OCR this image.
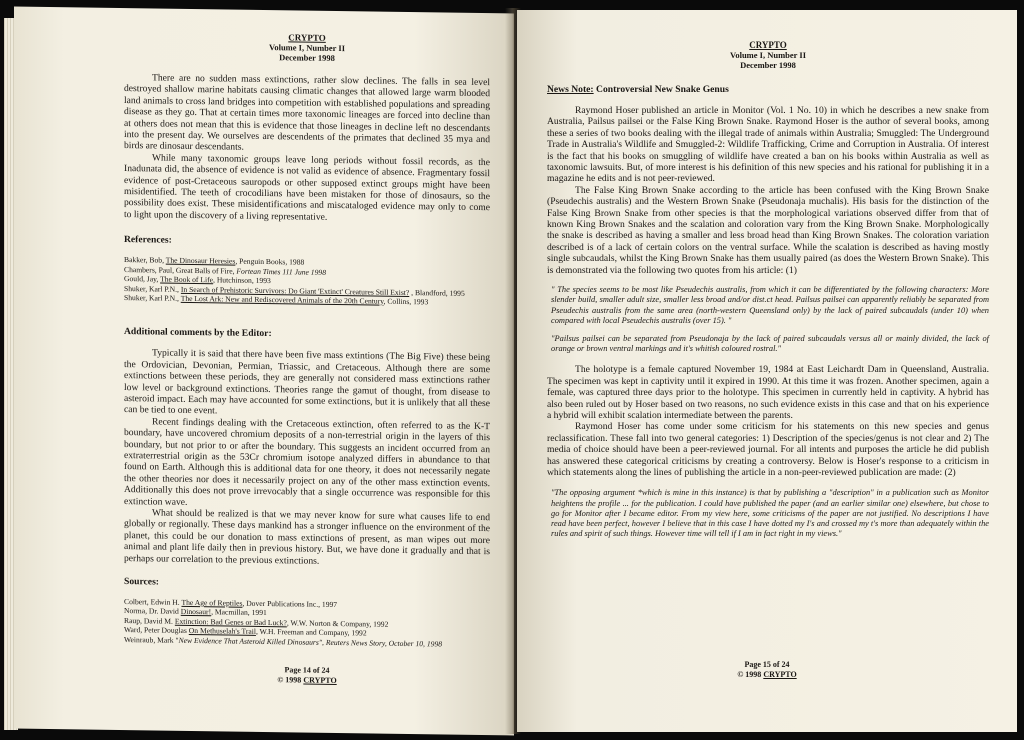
CRYPTO
Volume I, Number II
December 1998

There are no sudden mass extinctions, rather slow declines. The falls in sea level destroyed shallow marine habitats causing climatic changes that allowed large warm blooded land animals to cross land bridges into competition with established populations and spreading disease as they go. That at certain times more taxonomic lineages are forced into decline than at others does not mean that this is evidence that those lineages in decline left no descendants into the present day. We ourselves are descendents of the primates that declined 35 mya and birds are dinosaur descendants.

While many taxonomic groups leave long periods without fossil records, as the Inadunata did, the absence of evidence is not valid as evidence of absence. Fragmentary fossil evidence of post-Cretaceous sauropods or other supposed extinct groups might have been misidentified. The teeth of crocodilians have been mistaken for those of dinosaurs, so the possibility does exist. These misidentifications and miscataloged evidence may only to come to light upon the discovery of a living representative.

References:
Bakker, Bob, The Dinosaur Heresies, Penguin Books, 1988
Chambers, Paul, Great Balls of Fire, Fortean Times 111 June 1998
Gould, Jay, The Book of Life, Hutchinson, 1993
Shuker, Karl P.N., In Search of Prehistoric Survivors: Do Giant 'Extinct' Creatures Still Exist? , Blandford, 1995
Shuker, Karl P.N., The Lost Ark: New and Rediscovered Animals of the 20th Century, Collins, 1993
Additional comments by the Editor:

Typically it is said that there have been five mass extintions (The Big Five) these being the Ordovician, Devonian, Permian, Triassic, and Cretaceous. Although there are some extinctions between these periods, they are generally not considered mass extinctions rather low level or background extinctions. Theories range the gamut of thought, from disease to asteroid impact. Each may have accounted for some extinctions, but it is unlikely that all these can be tied to one event.

Recent findings dealing with the Cretaceous extinction, often referred to as the K-T boundary, have uncovered chromium deposits of a non-terrestrial origin in the layers of this boundary, but not prior to or after the boundary. This suggests an incident occurred from an extraterrestrial origin as the 53Cr chromium isotope analyzed differs in abundance to that found on Earth. Although this is additional data for one theory, it does not necessarily negate the other theories nor does it necessarily project on any of the other mass extinction events. Additionally this does not prove irrevocably that a single occurrence was responsible for this extinction wave.

What should be realized is that we may never know for sure what causes life to end globally or regionally. These days mankind has a stronger influence on the environment of the planet, this could be our donation to mass extinctions of present, as man wipes out more animal and plant life daily then in previous history. But, we have done it gradually and that is perhaps our correlation to the previous extinctions.

Sources:
Colbert, Edwin H. The Age of Reptiles, Dover Publications Inc., 1997
Norma, Dr. David Dinosaur!, Macmillan, 1991
Raup, David M. Extinction: Bad Genes or Bad Luck?, W.W. Norton & Company, 1992
Ward, Peter Douglas On Methuselah's Trail, W.H. Freeman and Company, 1992
Weinraub, Mark "New Evidence That Asteroid Killed Dinosaurs", Reuters News Story, October 10, 1998
Page 14 of 24
© 1998 CRYPTO
CRYPTO
Volume I, Number II
December 1998
News Note: Controversial New Snake Genus

Raymond Hoser published an article in Monitor (Vol. 1 No. 10) in which he describes a new snake from Australia, Pailsus pailsei or the False King Brown Snake. Raymond Hoser is the author of several books, among these a series of two books dealing with the illegal trade of animals within Australia; Smuggled: The Underground Trade in Australia's Wildlife and Smuggled-2: Wildlife Trafficking, Crime and Corruption in Australia. Of interest is the fact that his books on smuggling of wildlife have created a ban on his books within Australia as well as taxonomic lawsuits. But, of more interest is his definition of this new species and his rational for publishing it in a magazine he edits and is not peer-reviewed.

The False King Brown Snake according to the article has been confused with the King Brown Snake (Pseudechis australis) and the Western Brown Snake (Pseudonaja muchalis). His basis for the distinction of the False King Brown Snake from other species is that the morphological variations observed differ from that of known King Brown Snakes and the scalation and coloration vary from the King Brown Snake. Morphologically the snake is described as having a smaller and less broad head than King Brown Snakes. The coloration variation described is of a lack of certain colors on the ventral surface. While the scalation is described as having mostly single subcaudals, whilst the King Brown Snake has them usually paired (as does the Western Brown Snake). This is demonstrated via the following two quotes from his article: (1)

" The species seems to be most like Pseudechis australis, from which it can be differentiated by the following characters: More slender build, smaller adult size, smaller less broad and/or dist.ct head. Pailsus pailsei can apparently reliably be separated from Pseudechis australis from the same area (north-western Queensland only) by the lack of paired subcaudals (under 10) when compared with local Pseudechis australis (over 15). "

"Pailsus pailsei can be separated from Pseudonaja by the lack of paired subcaudals versus all or mainly divided, the lack of orange or brown ventral markings and it's whitish coloured rostral."

The holotype is a female captured November 19, 1984 at East Leichardt Dam in Queensland, Australia. The specimen was kept in captivity until it expired in 1990. At this time it was frozen. Another specimen, again a female, was captured three days prior to the holotype. This specimen in currently held in captivity. A hybrid has also been ruled out by Hoser based on two reasons, no such evidence exists in this case and that on his experience a hybrid will exhibit scalation intermediate between the parents.

Raymond Hoser has come under some criticism for his statements on this new species and genus reclassification. These fall into two general categories: 1) Description of the species/genus is not clear and 2) The media of choice should have been a peer-reviewed journal. For all intents and purposes the article he did publish has answered these categorical criticisms by creating a controversy. Below is Hoser's response to a criticism in which statements along the lines of publishing the article in a non-peer-reviewed publication are made: (2)

"The opposing argument *which is mine in this instance) is that by publishing a "description" in a publication such as Monitor heightens the profile ... for the publication. I could have published the paper (and an earlier similar one) elsewhere, but chose to go for Monitor after I became editor. From my view here, some criticisms of the paper are not justified. No descriptions I have read have been perfect, however I believe that in this case I have dotted my I's and crossed my t's more than adequately within the rules and spirit of such things. However time will tell if I am in fact right in my views."

Page 15 of 24
© 1998 CRYPTO
